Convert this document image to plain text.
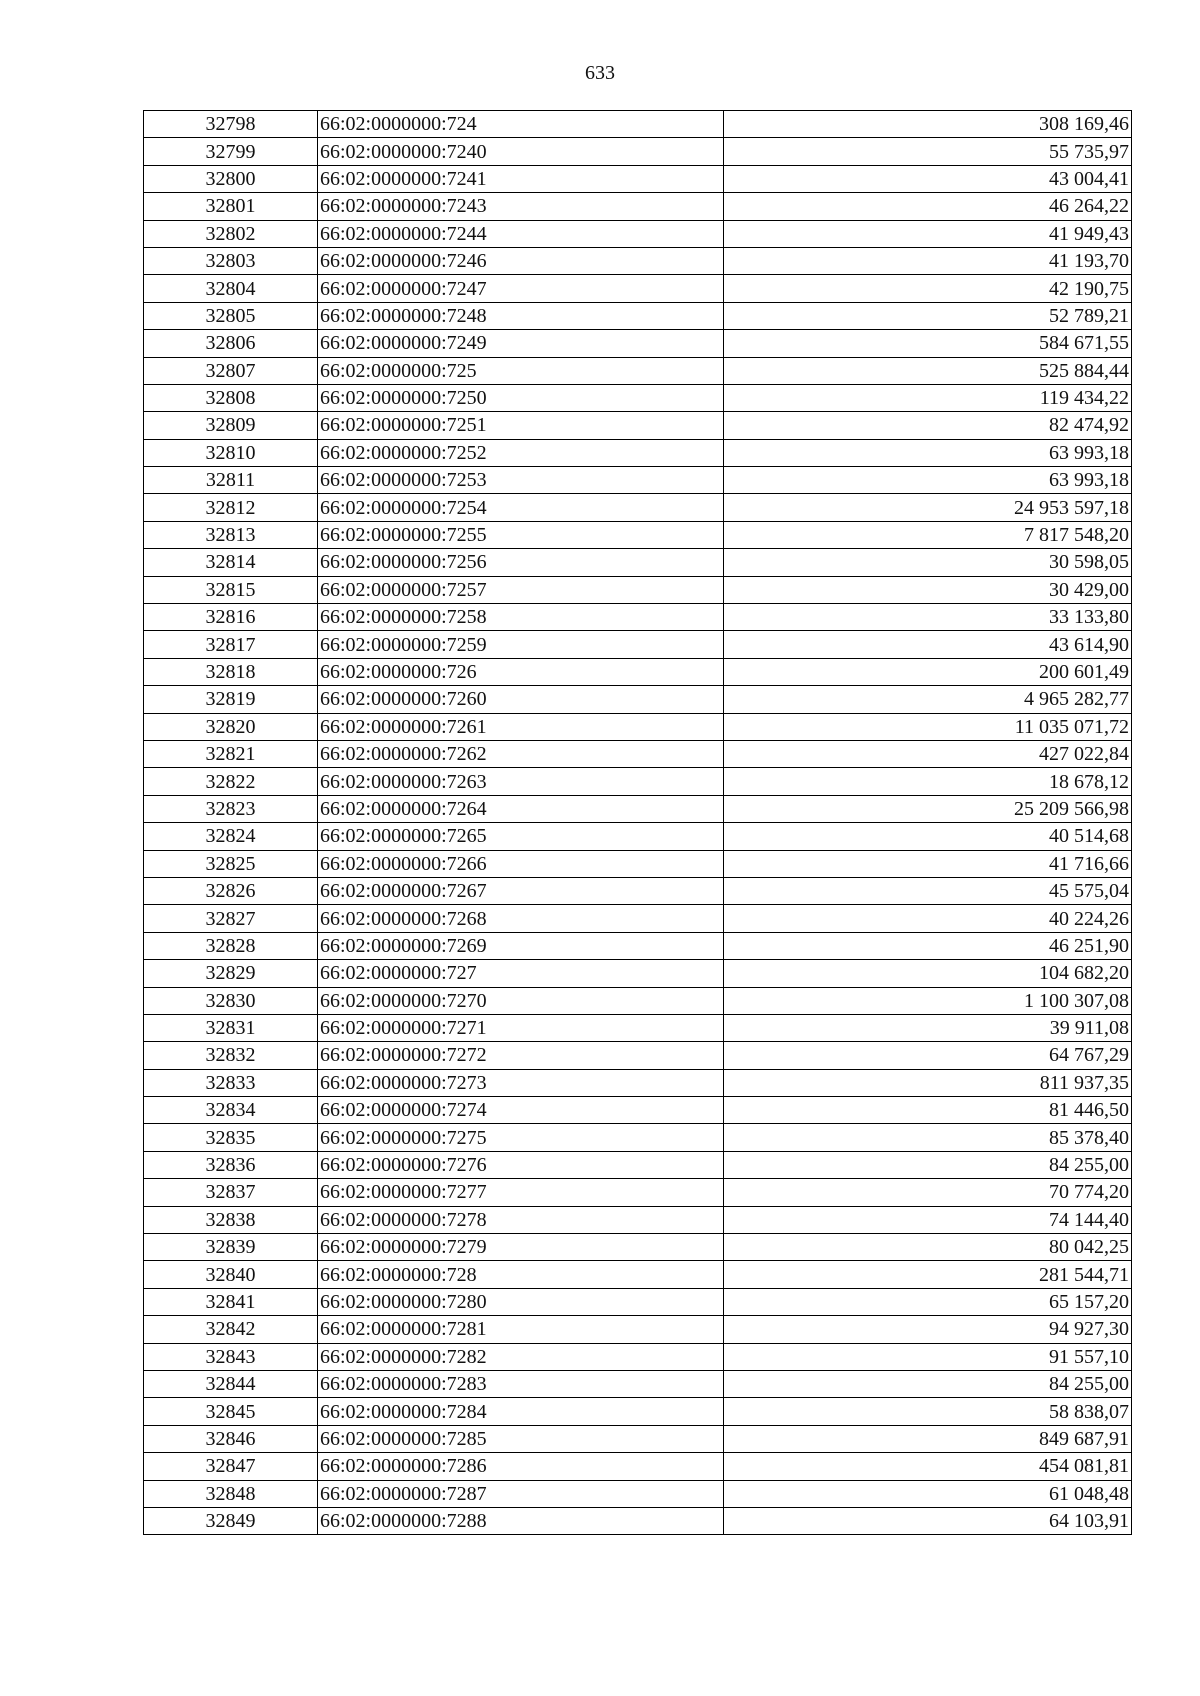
633
32798	66:02:0000000:724	308 169,46
32799	66:02:0000000:7240	55 735,97
32800	66:02:0000000:7241	43 004,41
32801	66:02:0000000:7243	46 264,22
32802	66:02:0000000:7244	41 949,43
32803	66:02:0000000:7246	41 193,70
32804	66:02:0000000:7247	42 190,75
32805	66:02:0000000:7248	52 789,21
32806	66:02:0000000:7249	584 671,55
32807	66:02:0000000:725	525 884,44
32808	66:02:0000000:7250	119 434,22
32809	66:02:0000000:7251	82 474,92
32810	66:02:0000000:7252	63 993,18
32811	66:02:0000000:7253	63 993,18
32812	66:02:0000000:7254	24 953 597,18
32813	66:02:0000000:7255	7 817 548,20
32814	66:02:0000000:7256	30 598,05
32815	66:02:0000000:7257	30 429,00
32816	66:02:0000000:7258	33 133,80
32817	66:02:0000000:7259	43 614,90
32818	66:02:0000000:726	200 601,49
32819	66:02:0000000:7260	4 965 282,77
32820	66:02:0000000:7261	11 035 071,72
32821	66:02:0000000:7262	427 022,84
32822	66:02:0000000:7263	18 678,12
32823	66:02:0000000:7264	25 209 566,98
32824	66:02:0000000:7265	40 514,68
32825	66:02:0000000:7266	41 716,66
32826	66:02:0000000:7267	45 575,04
32827	66:02:0000000:7268	40 224,26
32828	66:02:0000000:7269	46 251,90
32829	66:02:0000000:727	104 682,20
32830	66:02:0000000:7270	1 100 307,08
32831	66:02:0000000:7271	39 911,08
32832	66:02:0000000:7272	64 767,29
32833	66:02:0000000:7273	811 937,35
32834	66:02:0000000:7274	81 446,50
32835	66:02:0000000:7275	85 378,40
32836	66:02:0000000:7276	84 255,00
32837	66:02:0000000:7277	70 774,20
32838	66:02:0000000:7278	74 144,40
32839	66:02:0000000:7279	80 042,25
32840	66:02:0000000:728	281 544,71
32841	66:02:0000000:7280	65 157,20
32842	66:02:0000000:7281	94 927,30
32843	66:02:0000000:7282	91 557,10
32844	66:02:0000000:7283	84 255,00
32845	66:02:0000000:7284	58 838,07
32846	66:02:0000000:7285	849 687,91
32847	66:02:0000000:7286	454 081,81
32848	66:02:0000000:7287	61 048,48
32849	66:02:0000000:7288	64 103,91
